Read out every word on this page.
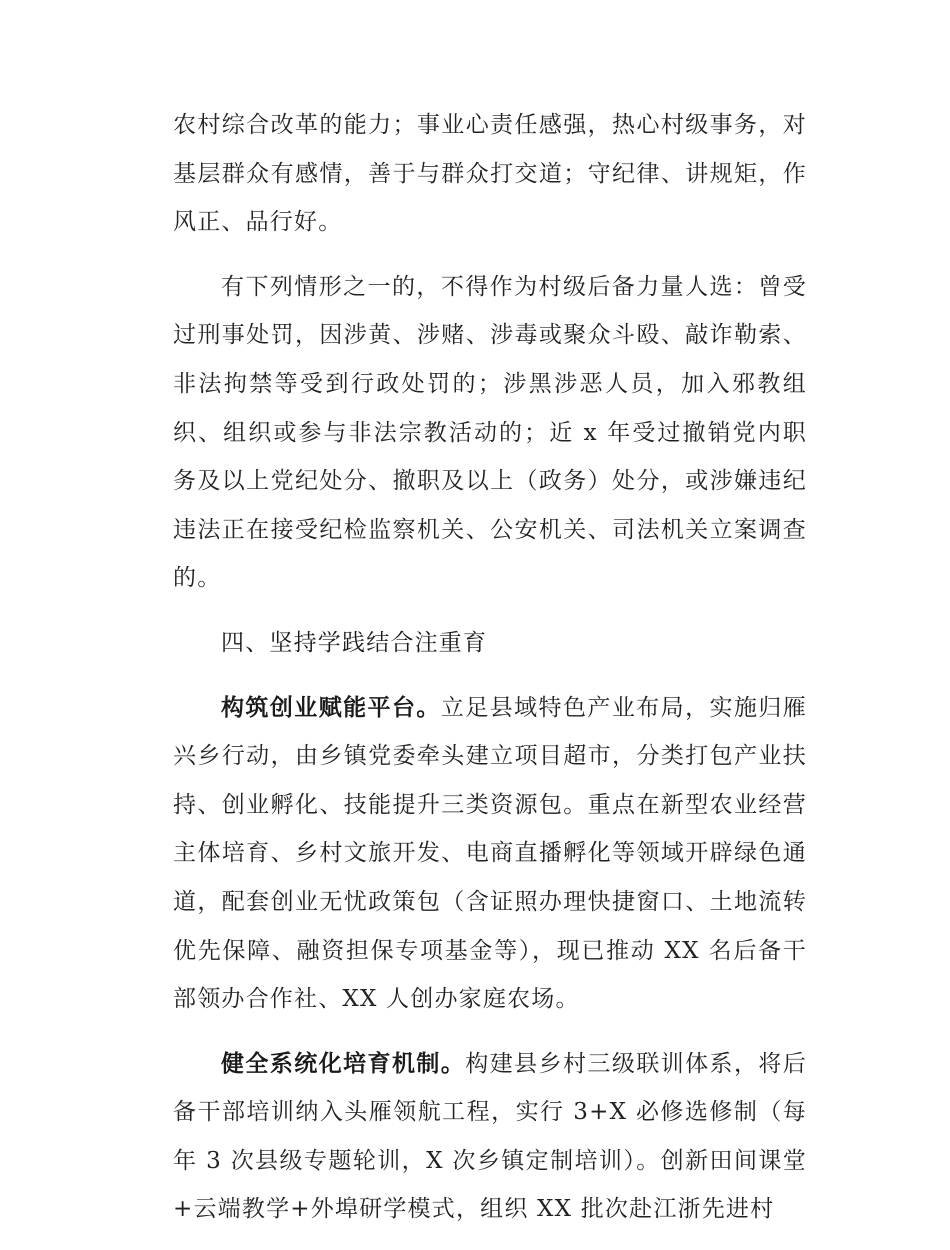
农村综合改革的能力；事业心责任感强，热心村级事务，对基层群众有感情，善于与群众打交道；守纪律、讲规矩，作风正、品行好。

有下列情形之一的，不得作为村级后备力量人选：曾受过刑事处罚，因涉黄、涉赌、涉毒或聚众斗殴、敲诈勒索、非法拘禁等受到行政处罚的；涉黑涉恶人员，加入邪教组织、组织或参与非法宗教活动的；近 x 年受过撤销党内职务及以上党纪处分、撤职及以上（政务）处分，或涉嫌违纪违法正在接受纪检监察机关、公安机关、司法机关立案调查的。

四、坚持学践结合注重育

构筑创业赋能平台。立足县域特色产业布局，实施归雁兴乡行动，由乡镇党委牵头建立项目超市，分类打包产业扶持、创业孵化、技能提升三类资源包。重点在新型农业经营主体培育、乡村文旅开发、电商直播孵化等领域开辟绿色通道，配套创业无忧政策包（含证照办理快捷窗口、土地流转优先保障、融资担保专项基金等），现已推动 XX 名后备干部领办合作社、XX 人创办家庭农场。

健全系统化培育机制。构建县乡村三级联训体系，将后备干部培训纳入头雁领航工程，实行 3+X 必修选修制（每年 3 次县级专题轮训，X 次乡镇定制培训）。创新田间课堂+云端教学+外埠研学模式，组织 XX 批次赴江浙先进村
